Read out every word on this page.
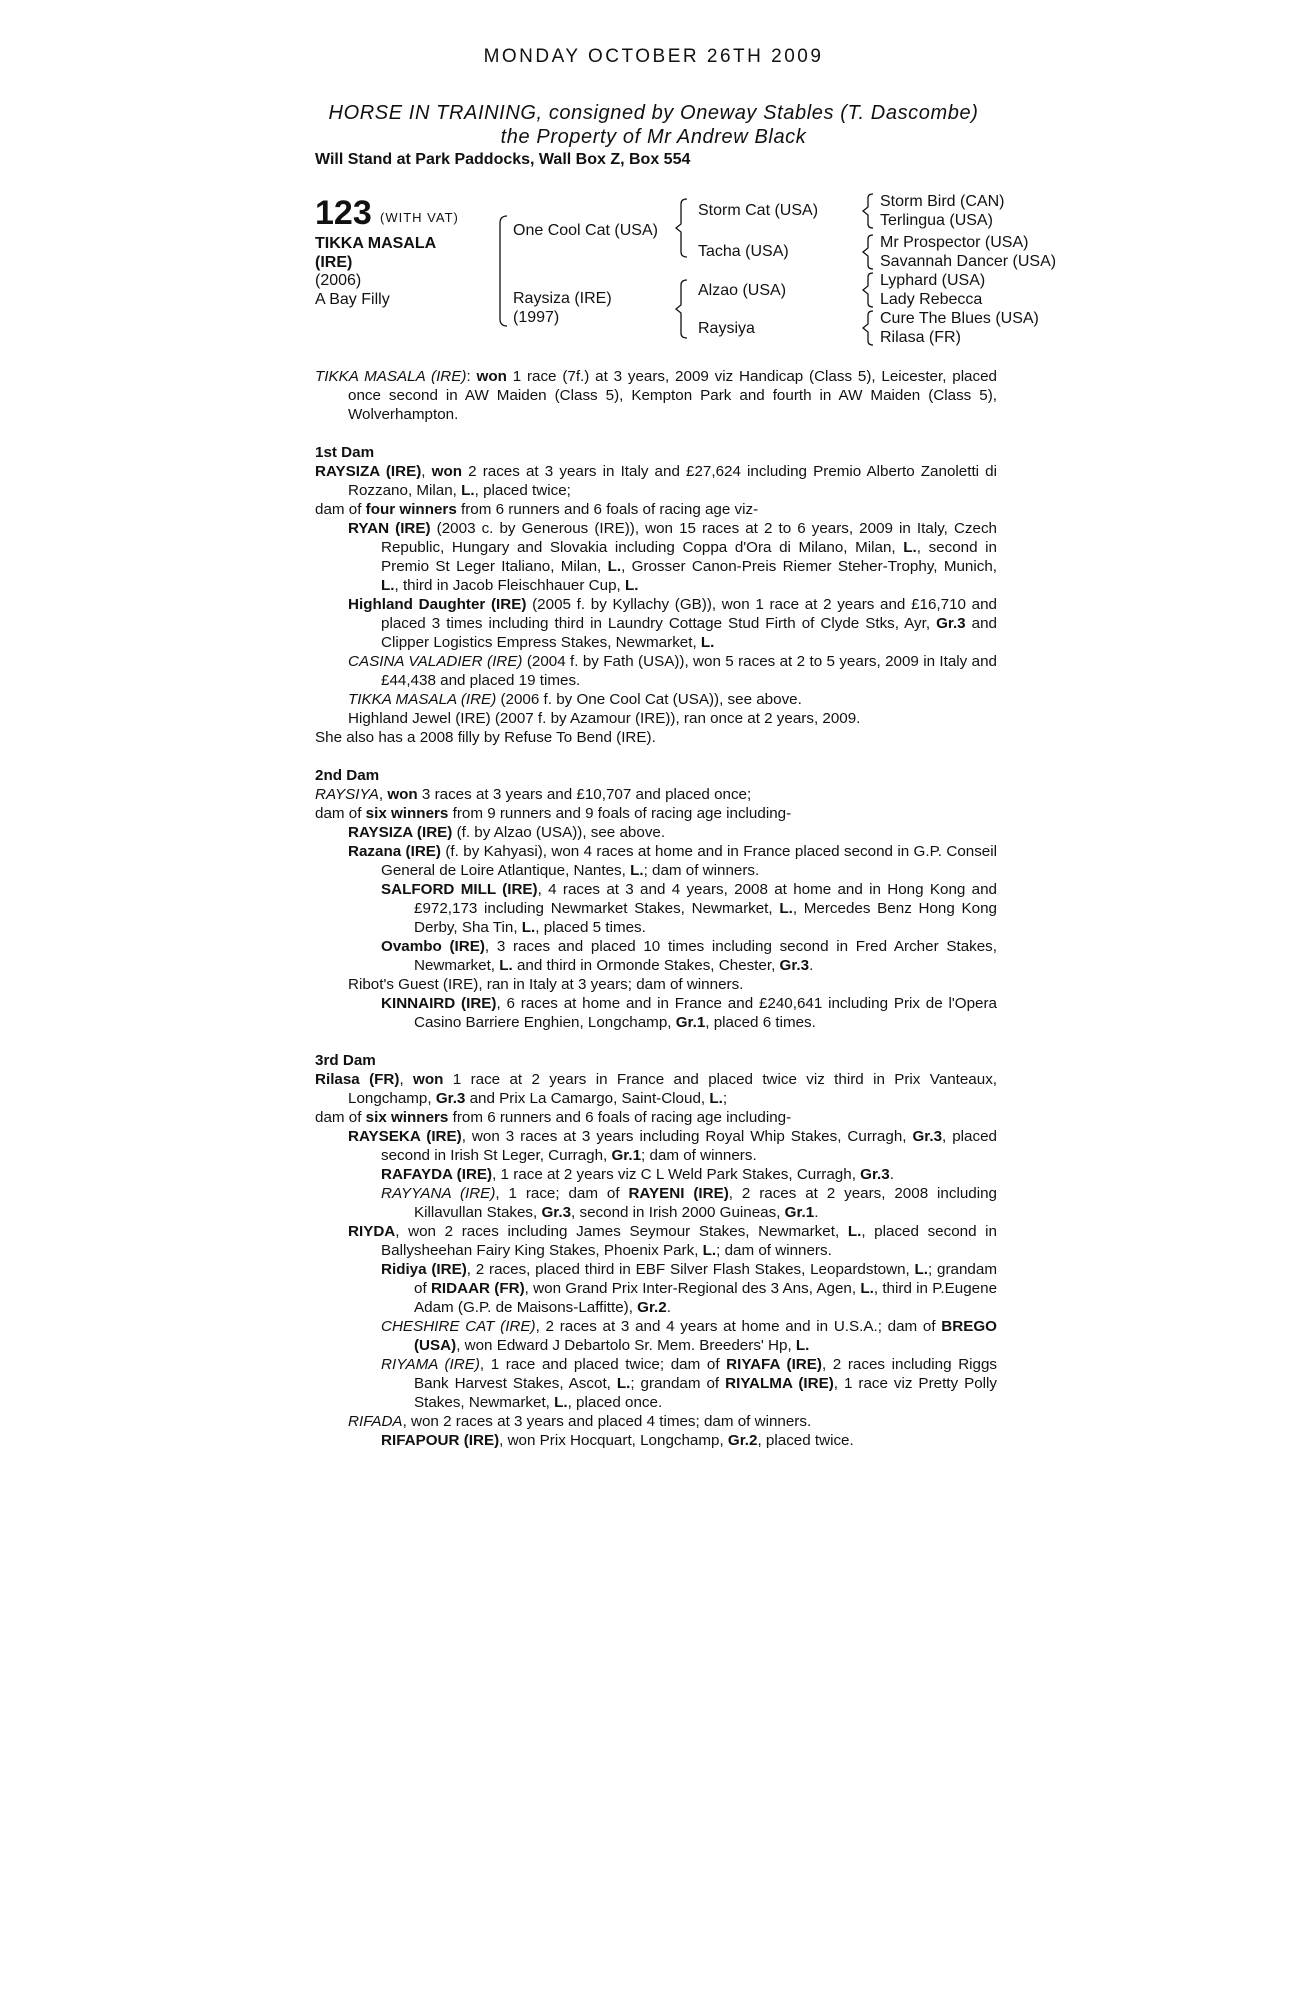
MONDAY OCTOBER 26TH 2009
HORSE IN TRAINING, consigned by Oneway Stables (T. Dascombe)
the Property of Mr Andrew Black
Will Stand at Park Paddocks, Wall Box Z, Box 554
123 (WITH VAT)
TIKKA MASALA
(IRE)
(2006)
A Bay Filly
One Cool Cat (USA)
Raysiza (IRE)
(1997)
Storm Cat (USA)
Tacha (USA)
Alzao (USA)
Raysiya
Storm Bird (CAN)
Terlingua (USA)
Mr Prospector (USA)
Savannah Dancer (USA)
Lyphard (USA)
Lady Rebecca
Cure The Blues (USA)
Rilasa (FR)

TIKKA MASALA (IRE): won 1 race (7f.) at 3 years, 2009 viz Handicap (Class 5), Leicester, placed once second in AW Maiden (Class 5), Kempton Park and fourth in AW Maiden (Class 5), Wolverhampton.

1st Dam

RAYSIZA (IRE), won 2 races at 3 years in Italy and £27,624 including Premio Alberto Zanoletti di Rozzano, Milan, L., placed twice;

dam of four winners from 6 runners and 6 foals of racing age viz-

RYAN (IRE) (2003 c. by Generous (IRE)), won 15 races at 2 to 6 years, 2009 in Italy, Czech Republic, Hungary and Slovakia including Coppa d'Ora di Milano, Milan, L., second in Premio St Leger Italiano, Milan, L., Grosser Canon-Preis Riemer Steher-Trophy, Munich, L., third in Jacob Fleischhauer Cup, L.

Highland Daughter (IRE) (2005 f. by Kyllachy (GB)), won 1 race at 2 years and £16,710 and placed 3 times including third in Laundry Cottage Stud Firth of Clyde Stks, Ayr, Gr.3 and Clipper Logistics Empress Stakes, Newmarket, L.

CASINA VALADIER (IRE) (2004 f. by Fath (USA)), won 5 races at 2 to 5 years, 2009 in Italy and £44,438 and placed 19 times.

TIKKA MASALA (IRE) (2006 f. by One Cool Cat (USA)), see above.

Highland Jewel (IRE) (2007 f. by Azamour (IRE)), ran once at 2 years, 2009.

She also has a 2008 filly by Refuse To Bend (IRE).

2nd Dam

RAYSIYA, won 3 races at 3 years and £10,707 and placed once;

dam of six winners from 9 runners and 9 foals of racing age including-

RAYSIZA (IRE) (f. by Alzao (USA)), see above.

Razana (IRE) (f. by Kahyasi), won 4 races at home and in France placed second in G.P. Conseil General de Loire Atlantique, Nantes, L.; dam of winners.

SALFORD MILL (IRE), 4 races at 3 and 4 years, 2008 at home and in Hong Kong and £972,173 including Newmarket Stakes, Newmarket, L., Mercedes Benz Hong Kong Derby, Sha Tin, L., placed 5 times.

Ovambo (IRE), 3 races and placed 10 times including second in Fred Archer Stakes, Newmarket, L. and third in Ormonde Stakes, Chester, Gr.3.

Ribot's Guest (IRE), ran in Italy at 3 years; dam of winners.

KINNAIRD (IRE), 6 races at home and in France and £240,641 including Prix de l'Opera Casino Barriere Enghien, Longchamp, Gr.1, placed 6 times.

3rd Dam

Rilasa (FR), won 1 race at 2 years in France and placed twice viz third in Prix Vanteaux, Longchamp, Gr.3 and Prix La Camargo, Saint-Cloud, L.;

dam of six winners from 6 runners and 6 foals of racing age including-

RAYSEKA (IRE), won 3 races at 3 years including Royal Whip Stakes, Curragh, Gr.3, placed second in Irish St Leger, Curragh, Gr.1; dam of winners.

RAFAYDA (IRE), 1 race at 2 years viz C L Weld Park Stakes, Curragh, Gr.3.

RAYYANA (IRE), 1 race; dam of RAYENI (IRE), 2 races at 2 years, 2008 including Killavullan Stakes, Gr.3, second in Irish 2000 Guineas, Gr.1.

RIYDA, won 2 races including James Seymour Stakes, Newmarket, L., placed second in Ballysheehan Fairy King Stakes, Phoenix Park, L.; dam of winners.

Ridiya (IRE), 2 races, placed third in EBF Silver Flash Stakes, Leopardstown, L.; grandam of RIDAAR (FR), won Grand Prix Inter-Regional des 3 Ans, Agen, L., third in P.Eugene Adam (G.P. de Maisons-Laffitte), Gr.2.

CHESHIRE CAT (IRE), 2 races at 3 and 4 years at home and in U.S.A.; dam of BREGO (USA), won Edward J Debartolo Sr. Mem. Breeders' Hp, L.

RIYAMA (IRE), 1 race and placed twice; dam of RIYAFA (IRE), 2 races including Riggs Bank Harvest Stakes, Ascot, L.; grandam of RIYALMA (IRE), 1 race viz Pretty Polly Stakes, Newmarket, L., placed once.

RIFADA, won 2 races at 3 years and placed 4 times; dam of winners.

RIFAPOUR (IRE), won Prix Hocquart, Longchamp, Gr.2, placed twice.
